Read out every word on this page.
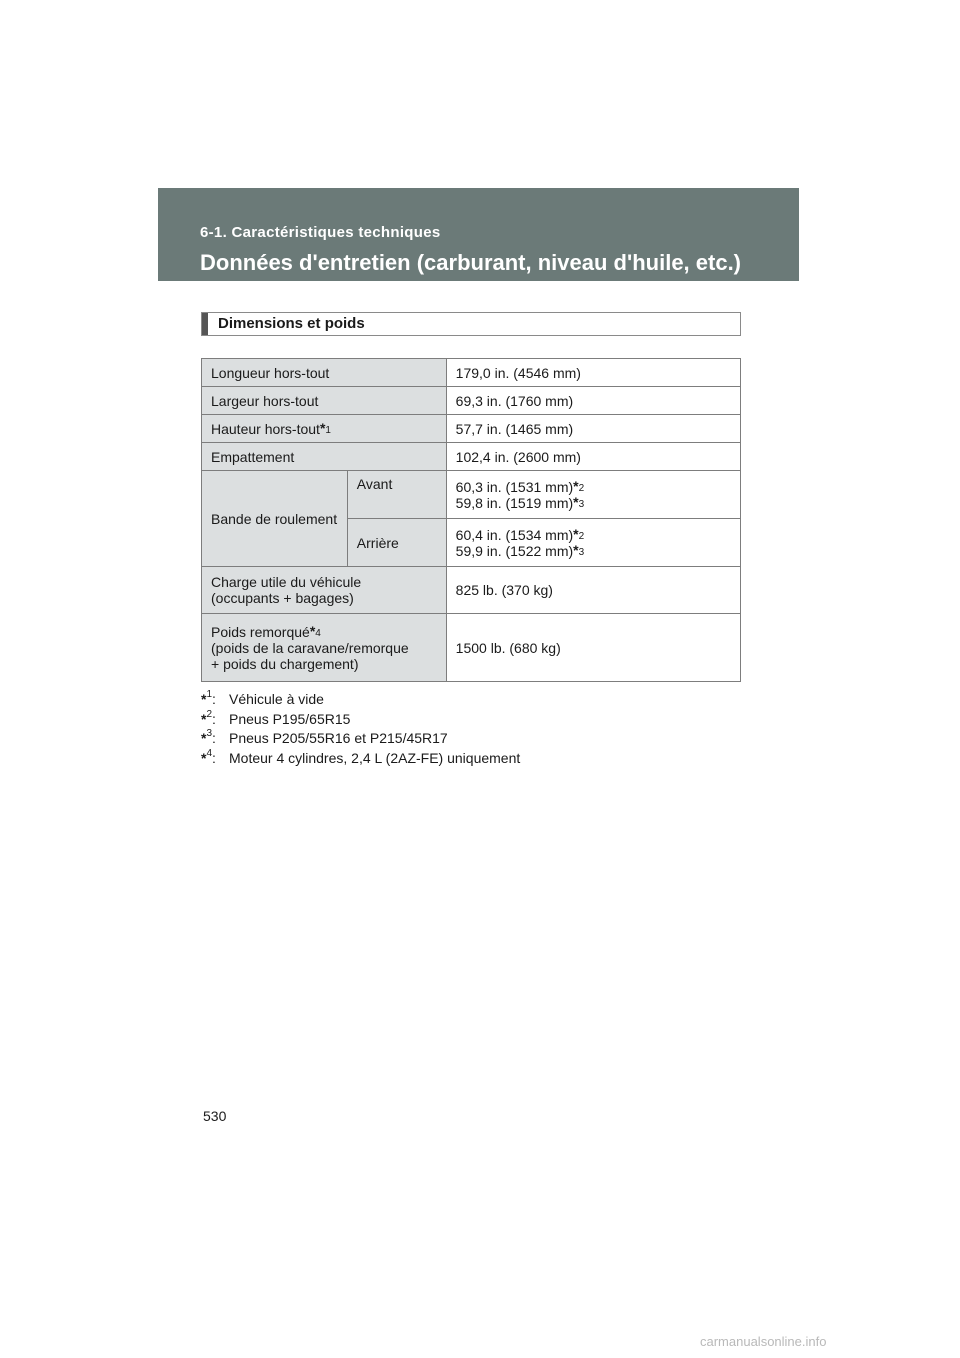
6-1. Caractéristiques techniques
Données d'entretien (carburant, niveau d'huile, etc.)
Dimensions et poids
Longueur hors-tout		179,0 in. (4546 mm)
Largeur hors-tout		69,3 in. (1760 mm)
Hauteur hors-tout$^{*1}$		57,7 in. (1465 mm)
Empattement		102,4 in. (2600 mm)
Bande de roulement	Avant	60,3 in. (1531 mm)$^{*2}$
59,8 in. (1519 mm)$^{*3}$

	Arrière	60,4 in. (1534 mm)$^{*2}$
59,9 in. (1522 mm)$^{*3}$

Charge utile du véhicule
(occupants + bagages)		825 lb. (370 kg)

Poids remorqué$^{*4}$
(poids de la caravane/remorque
+ poids du chargement)		1500 lb. (680 kg)
*$^1$: Véhicule à vide
*$^2$: Pneus P195/65R15
*$^3$: Pneus P205/55R16 et P215/45R17
*$^4$: Moteur 4 cylindres, 2,4 L (2AZ-FE) uniquement
530
carmanualsonline.info
